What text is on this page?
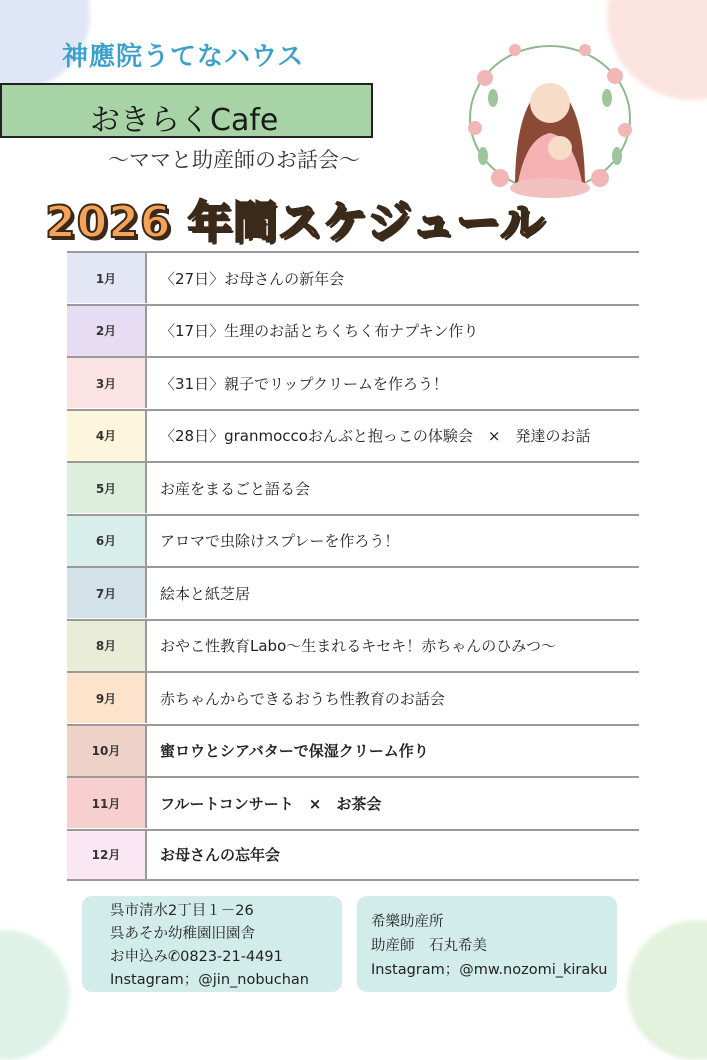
神應院うてなハウス
おきらくCafe
～ママと助産師のお話会～
2026 年間スケジュール
1月	〈27日〉お母さんの新年会
2月	〈17日〉生理のお話とちくちく布ナプキン作り
3月	〈31日〉親子でリップクリームを作ろう！
4月	〈28日〉granmoccoおんぶと抱っこの体験会　×　発達のお話
5月	お産をまるごと語る会
6月	アロマで虫除けスプレーを作ろう！
7月	絵本と紙芝居
8月	おやこ性教育Labo～生まれるキセキ！赤ちゃんのひみつ～
9月	赤ちゃんからできるおうち性教育のお話会
10月	蜜ロウとシアバターで保湿クリーム作り
11月	フルートコンサート　×　お茶会
12月	お母さんの忘年会
呉市清水2丁目１－26
呉あそか幼稚園旧園舎
お申込み✆0823-21-4491
Instagram；@jin_nobuchan
希樂助産所
助産師　石丸希美
Instagram；@mw.nozomi_kiraku
